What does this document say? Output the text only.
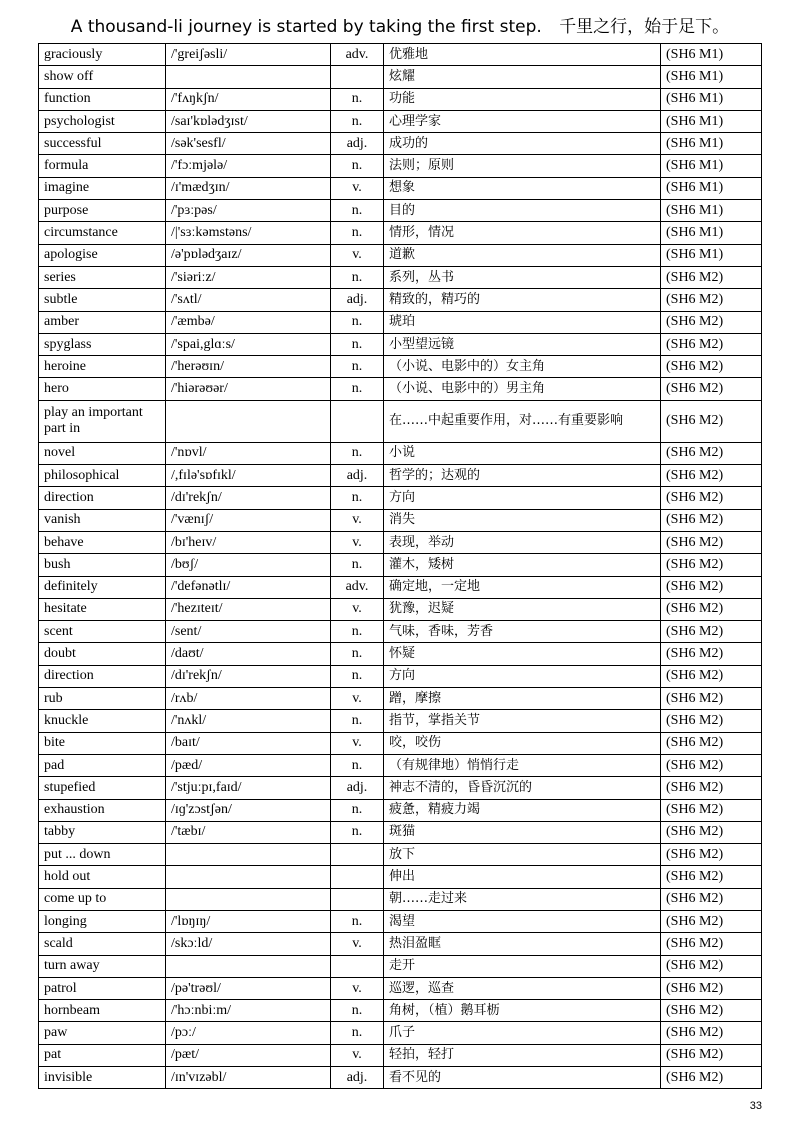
A thousand-li journey is started by taking the first step. 千里之行，始于足下。
graciously	/'greiʃəsli/	adv.	优雅地	(SH6 M1)
show off			炫耀	(SH6 M1)
function	/'fʌŋkʃn/	n.	功能	(SH6 M1)
psychologist	/saɪ'kɒlədʒɪst/	n.	心理学家	(SH6 M1)
successful	/sək'sesfl/	adj.	成功的	(SH6 M1)
formula	/'fɔːmjələ/	n.	法则；原则	(SH6 M1)
imagine	/ɪ'mædʒɪn/	v.	想象	(SH6 M1)
purpose	/'pɜːpəs/	n.	目的	(SH6 M1)
circumstance	/|'sɜːkəmstəns/	n.	情形，情况	(SH6 M1)
apologise	/ə'pɒlədʒaɪz/	v.	道歉	(SH6 M1)
series	/'siəriːz/	n.	系列，丛书	(SH6 M2)
subtle	/'sʌtl/	adj.	精致的，精巧的	(SH6 M2)
amber	/'æmbə/	n.	琥珀	(SH6 M2)
spyglass	/'spai,glɑːs/	n.	小型望远镜	(SH6 M2)
heroine	/'herəʊɪn/	n.	（小说、电影中的）女主角	(SH6 M2)
hero	/'hiərəʊər/	n.	（小说、电影中的）男主角	(SH6 M2)
play an important part in			在……中起重要作用，对……有重要影响	(SH6 M2)
novel	/'nɒvl/	n.	小说	(SH6 M2)
philosophical	/,fɪlə'sɒfɪkl/	adj.	哲学的；达观的	(SH6 M2)
direction	/dɪ'rekʃn/	n.	方向	(SH6 M2)
vanish	/'vænɪʃ/	v.	消失	(SH6 M2)
behave	/bɪ'heɪv/	v.	表现，举动	(SH6 M2)
bush	/bʊʃ/	n.	灌木，矮树	(SH6 M2)
definitely	/'defənətlɪ/	adv.	确定地，一定地	(SH6 M2)
hesitate	/'hezɪteɪt/	v.	犹豫，迟疑	(SH6 M2)
scent	/sent/	n.	气味，香味，芳香	(SH6 M2)
doubt	/daʊt/	n.	怀疑	(SH6 M2)
direction	/dɪ'rekʃn/	n.	方向	(SH6 M2)
rub	/rʌb/	v.	蹭，摩擦	(SH6 M2)
knuckle	/'nʌkl/	n.	指节，掌指关节	(SH6 M2)
bite	/baɪt/	v.	咬，咬伤	(SH6 M2)
pad	/pæd/	n.	（有规律地）悄悄行走	(SH6 M2)
stupefied	/'stjuːpɪ,faɪd/	adj.	神志不清的，昏昏沉沉的	(SH6 M2)
exhaustion	/ɪɡ'zɔstʃən/	n.	疲惫，精疲力竭	(SH6 M2)
tabby	/'tæbɪ/	n.	斑猫	(SH6 M2)
put ... down			放下	(SH6 M2)
hold out			伸出	(SH6 M2)
come up to			朝……走过来	(SH6 M2)
longing	/'lɒŋɪŋ/	n.	渴望	(SH6 M2)
scald	/skɔːld/	v.	热泪盈眶	(SH6 M2)
turn away			走开	(SH6 M2)
patrol	/pə'trəʊl/	v.	巡逻，巡查	(SH6 M2)
hornbeam	/'hɔːnbiːm/	n.	角树，（植）鹅耳枥	(SH6 M2)
paw	/pɔː/	n.	爪子	(SH6 M2)
pat	/pæt/	v.	轻拍，轻打	(SH6 M2)
invisible	/ɪn'vɪzəbl/	adj.	看不见的	(SH6 M2)
33
